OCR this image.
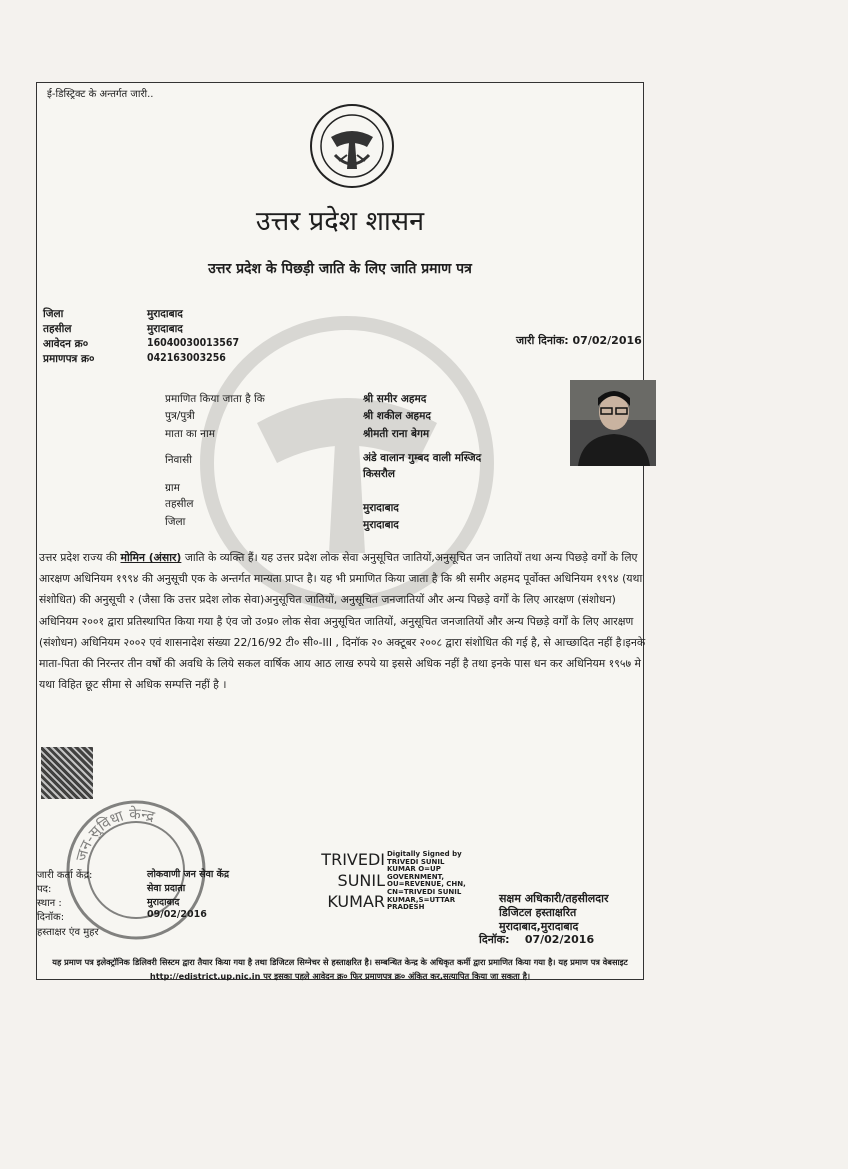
ई-डिस्ट्रिक्ट के अन्तर्गत जारी..
उत्तर प्रदेश शासन
उत्तर प्रदेश के पिछड़ी जाति के लिए जाति प्रमाण पत्र
जिला	मुरादाबाद
तहसील	मुरादाबाद
आवेदन क्र०	16040030013567
प्रमाणपत्र क्र०	042163003256
जारी दिनांक: 07/02/2016
प्रमाणित किया जाता है कि	श्री समीर अहमद
पुत्र/पुत्री	श्री शकील अहमद
माता का नाम	श्रीमती राना बेगम
निवासी	अंडे वालान गुम्बद वाली मस्जिद
किसरौल
ग्राम
तहसील	मुरादाबाद
जिला	मुरादाबाद
उत्तर प्रदेश राज्य की मोमिन (अंसार) जाति के व्यक्ति हैं। यह उत्तर प्रदेश लोक सेवा अनुसूचित जातियों,अनुसूचित जन जातियों तथा अन्य पिछड़े वर्गों के लिए आरक्षण अधिनियम १९९४ की अनुसूची एक के अन्तर्गत मान्यता प्राप्त है। यह भी प्रमाणित किया जाता है कि श्री समीर अहमद पूर्वोक्त अधिनियम १९९४ (यथा संशोधित) की अनुसूची २ (जैसा कि उत्तर प्रदेश लोक सेवा)अनुसूचित जातियों, अनुसूचित जनजातियों और अन्य पिछड़े वर्गों के लिए आरक्षण (संशोधन) अधिनियम २००१ द्वारा प्रतिस्थापित किया गया है एंव जो उ०प्र० लोक सेवा अनुसूचित जातियों, अनुसूचित जनजातियों और अन्य पिछड़े वर्गों के लिए आरक्षण (संशोधन) अधिनियम २००२ एवं शासनादेश संख्या 22/16/92 टी० सी०-III , दिनॉक २० अक्टूबर २००८ द्वारा संशोधित की गई है, से आच्छादित नहीं है।इनके माता-पिता की निरन्तर तीन वर्षों की अवधि के लिये सकल वार्षिक आय आठ लाख रुपये या इससे अधिक नहीं है तथा इनके पास धन कर अधिनियम १९५७ मे यथा विहित छूट सीमा से अधिक सम्पत्ति नहीं है ।
जन-सुविधा केन्द्र
जारी कर्ता केंद्र:	लोकवाणी जन सेवा केंद्र
पद:	सेवा प्रदाता
स्थान :	मुरादाबाद
दिनॉक:	09/02/2016
हस्ताक्षर एंव मुहर
TRIVEDI SUNIL KUMAR
Digitally Signed by TRIVEDI SUNIL KUMAR O=UP GOVERNMENT, OU=REVENUE, CHN, CN=TRIVEDI SUNIL KUMAR,S=UTTAR PRADESH
सक्षम अधिकारी/तहसीलदार
डिजिटल हस्ताक्षरित
मुरादाबाद,मुरादाबाद
दिनॉक: 07/02/2016
यह प्रमाण पत्र इलेक्ट्रॉनिक डिलिवरी सिस्टम द्वारा तैयार किया गया है तथा डिजिटल सिग्नेचर से हस्ताक्षरित है। सम्बन्धित केन्द्र के अधिकृत कर्मी द्वारा प्रमाणित किया गया है। यह प्रमाण पत्र वेबसाइट http://edistrict.up.nic.in पर इसका पहले आवेदन क्र० फिर प्रमाणपत्र क्र० अंकित कर,सत्यापित किया जा सकता है।
